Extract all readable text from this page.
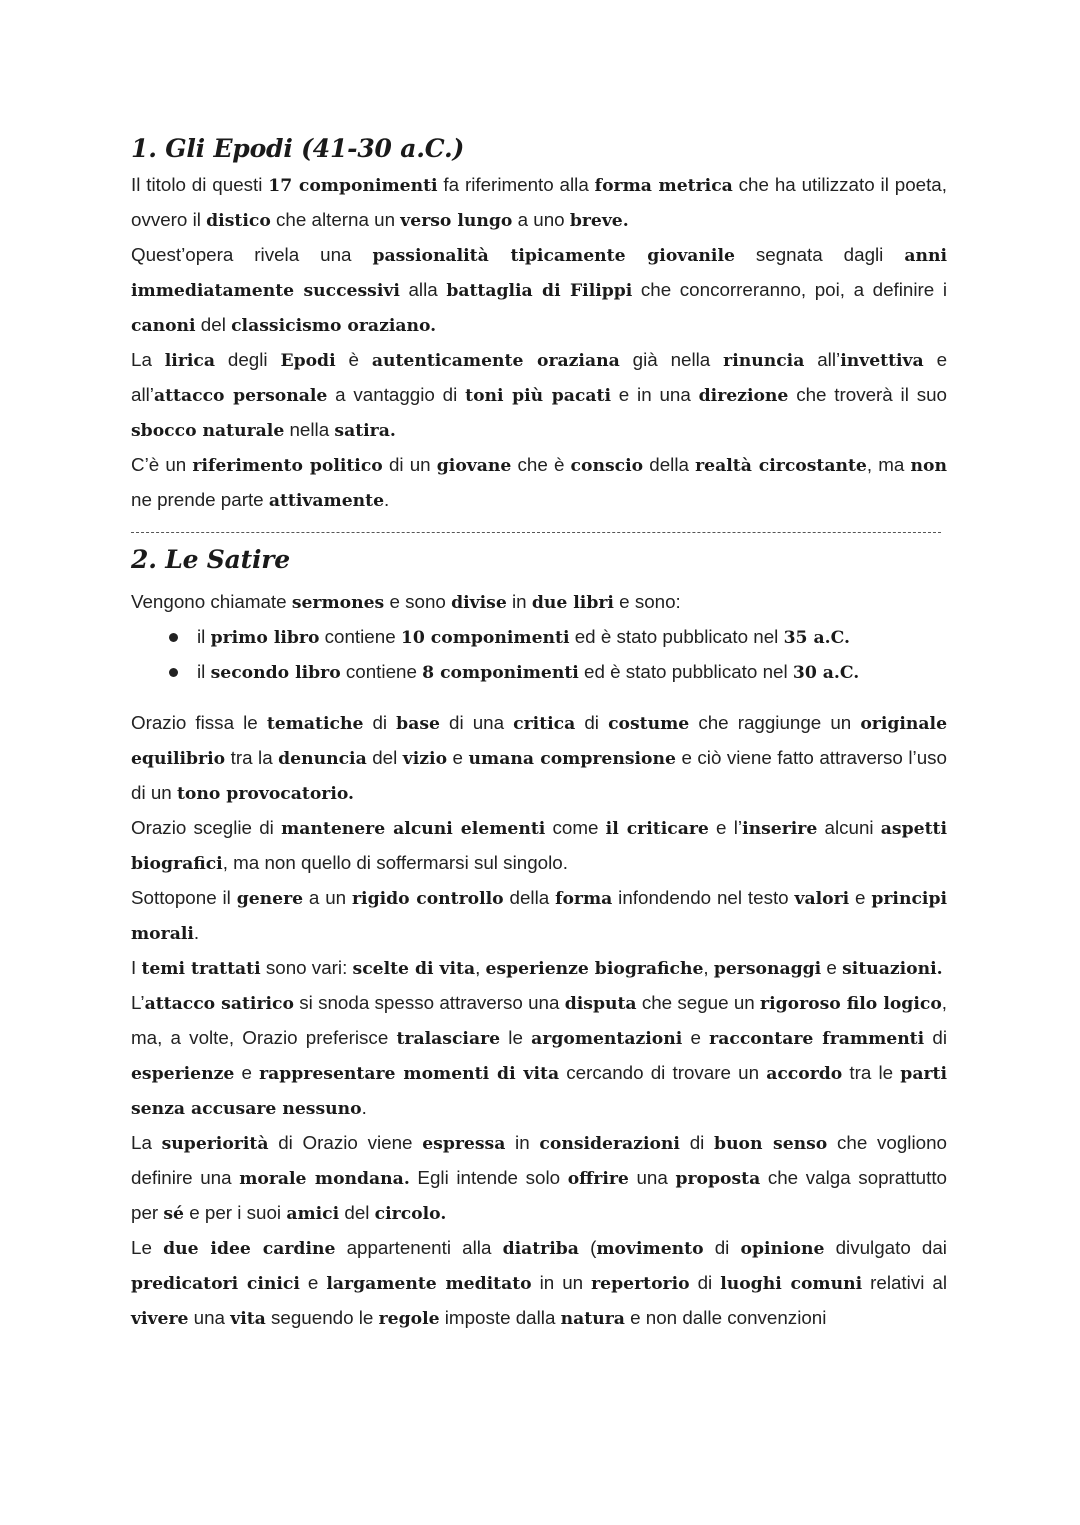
1. Gli Epodi (41-30 a.C.)

Il titolo di questi 17 componimenti fa riferimento alla forma metrica che ha utilizzato il poeta, ovvero il distico che alterna un verso lungo a uno breve.

Quest’opera rivela una passionalità tipicamente giovanile segnata dagli anni immediatamente successivi alla battaglia di Filippi che concorreranno, poi, a definire i canoni del classicismo oraziano.

La lirica degli Epodi è autenticamente oraziana già nella rinuncia all’invettiva e all’attacco personale a vantaggio di toni più pacati e in una direzione che troverà il suo sbocco naturale nella satira.

C’è un riferimento politico di un giovane che è conscio della realtà circostante, ma non ne prende parte attivamente.

2. Le Satire

Vengono chiamate sermones e sono divise in due libri e sono:

il primo libro contiene 10 componimenti ed è stato pubblicato nel 35 a.C.
il secondo libro contiene 8 componimenti ed è stato pubblicato nel 30 a.C.

Orazio fissa le tematiche di base di una critica di costume che raggiunge un originale equilibrio tra la denuncia del vizio e umana comprensione e ciò viene fatto attraverso l’uso di un tono provocatorio.

Orazio sceglie di mantenere alcuni elementi come il criticare e l’inserire alcuni aspetti biografici, ma non quello di soffermarsi sul singolo.

Sottopone il genere a un rigido controllo della forma infondendo nel testo valori e principi morali.

I temi trattati sono vari: scelte di vita, esperienze biografiche, personaggi e situazioni.

L’attacco satirico si snoda spesso attraverso una disputa che segue un rigoroso filo logico, ma, a volte, Orazio preferisce tralasciare le argomentazioni e raccontare frammenti di esperienze e rappresentare momenti di vita cercando di trovare un accordo tra le parti senza accusare nessuno.

La superiorità di Orazio viene espressa in considerazioni di buon senso che vogliono definire una morale mondana. Egli intende solo offrire una proposta che valga soprattutto per sé e per i suoi amici del circolo.

Le due idee cardine appartenenti alla diatriba (movimento di opinione divulgato dai predicatori cinici e largamente meditato in un repertorio di luoghi comuni relativi al vivere una vita seguendo le regole imposte dalla natura e non dalle convenzioni
